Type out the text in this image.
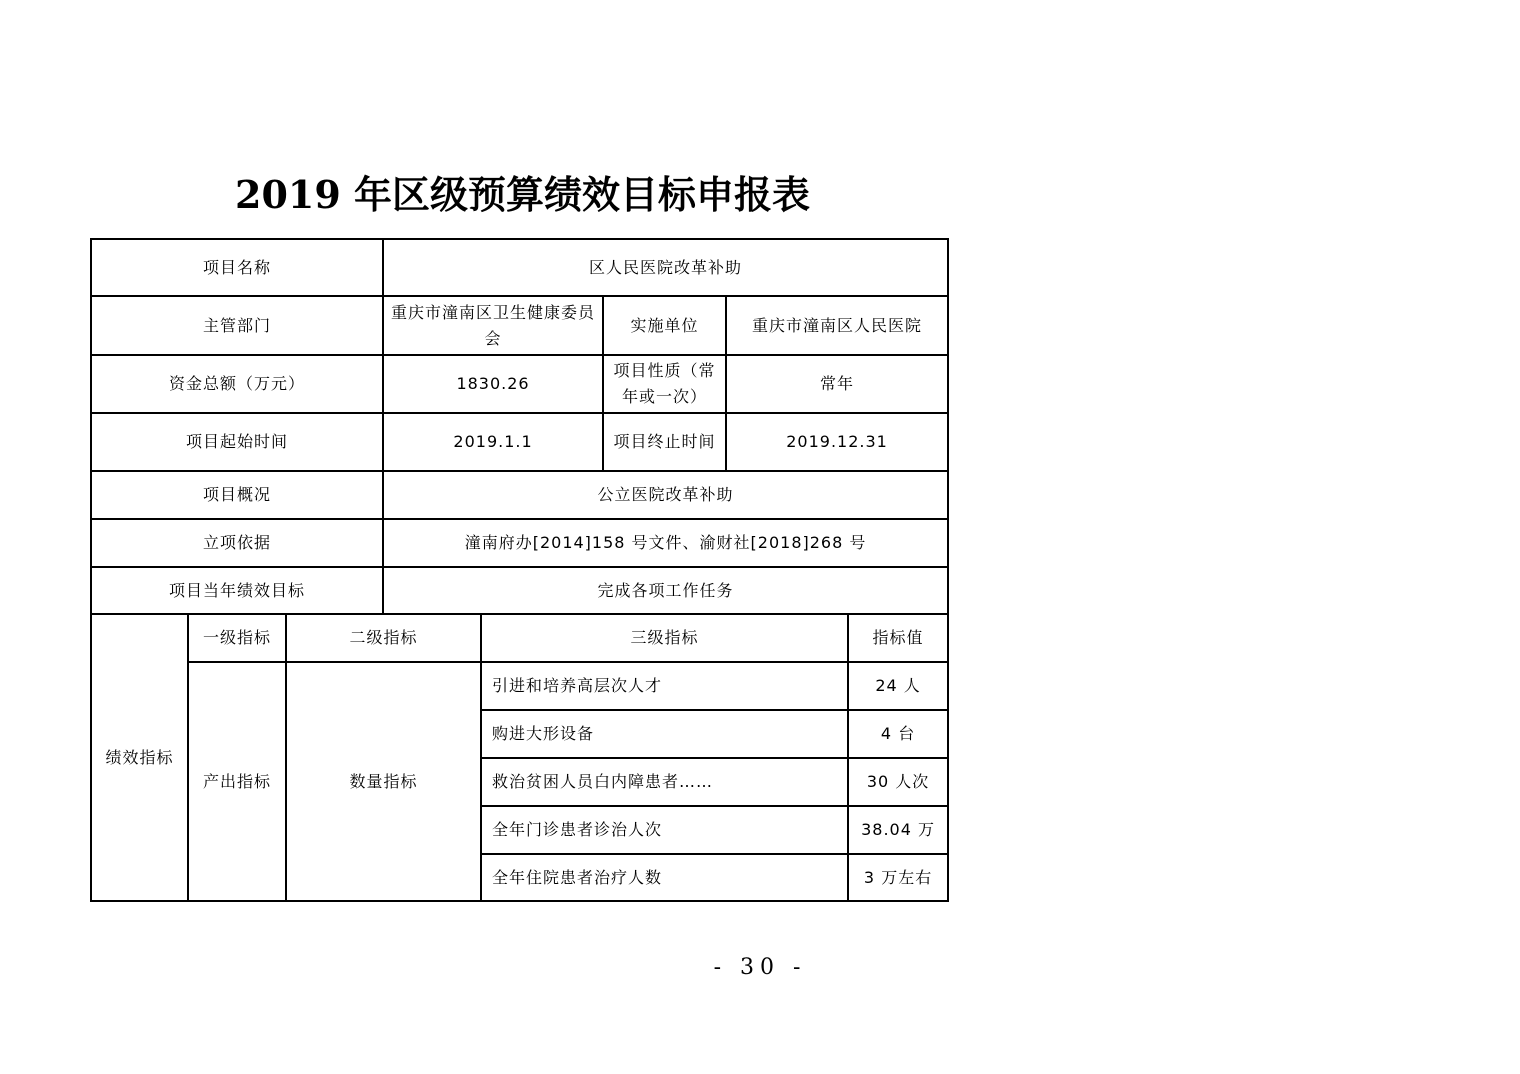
2019 年区级预算绩效目标申报表
项目名称			区人民医院改革补助				
主管部门			重庆市潼南区卫生健康委员会		实施单位	重庆市潼南区人民医院	
资金总额（万元）			1830.26		项目性质（常年或一次）	常年	
项目起始时间			2019.1.1		项目终止时间	2019.12.31	
项目概况			公立医院改革补助				
立项依据			潼南府办[2014]158 号文件、渝财社[2018]268 号				
项目当年绩效目标			完成各项工作任务				
绩效指标	一级指标	二级指标		三级指标			指标值
	产出指标	数量指标		引进和培养高层次人才			24 人
				购进大形设备			4 台
				救治贫困人员白内障患者……			30 人次
				全年门诊患者诊治人次			38.04 万
				全年住院患者治疗人数			3 万左右
- 30 -
